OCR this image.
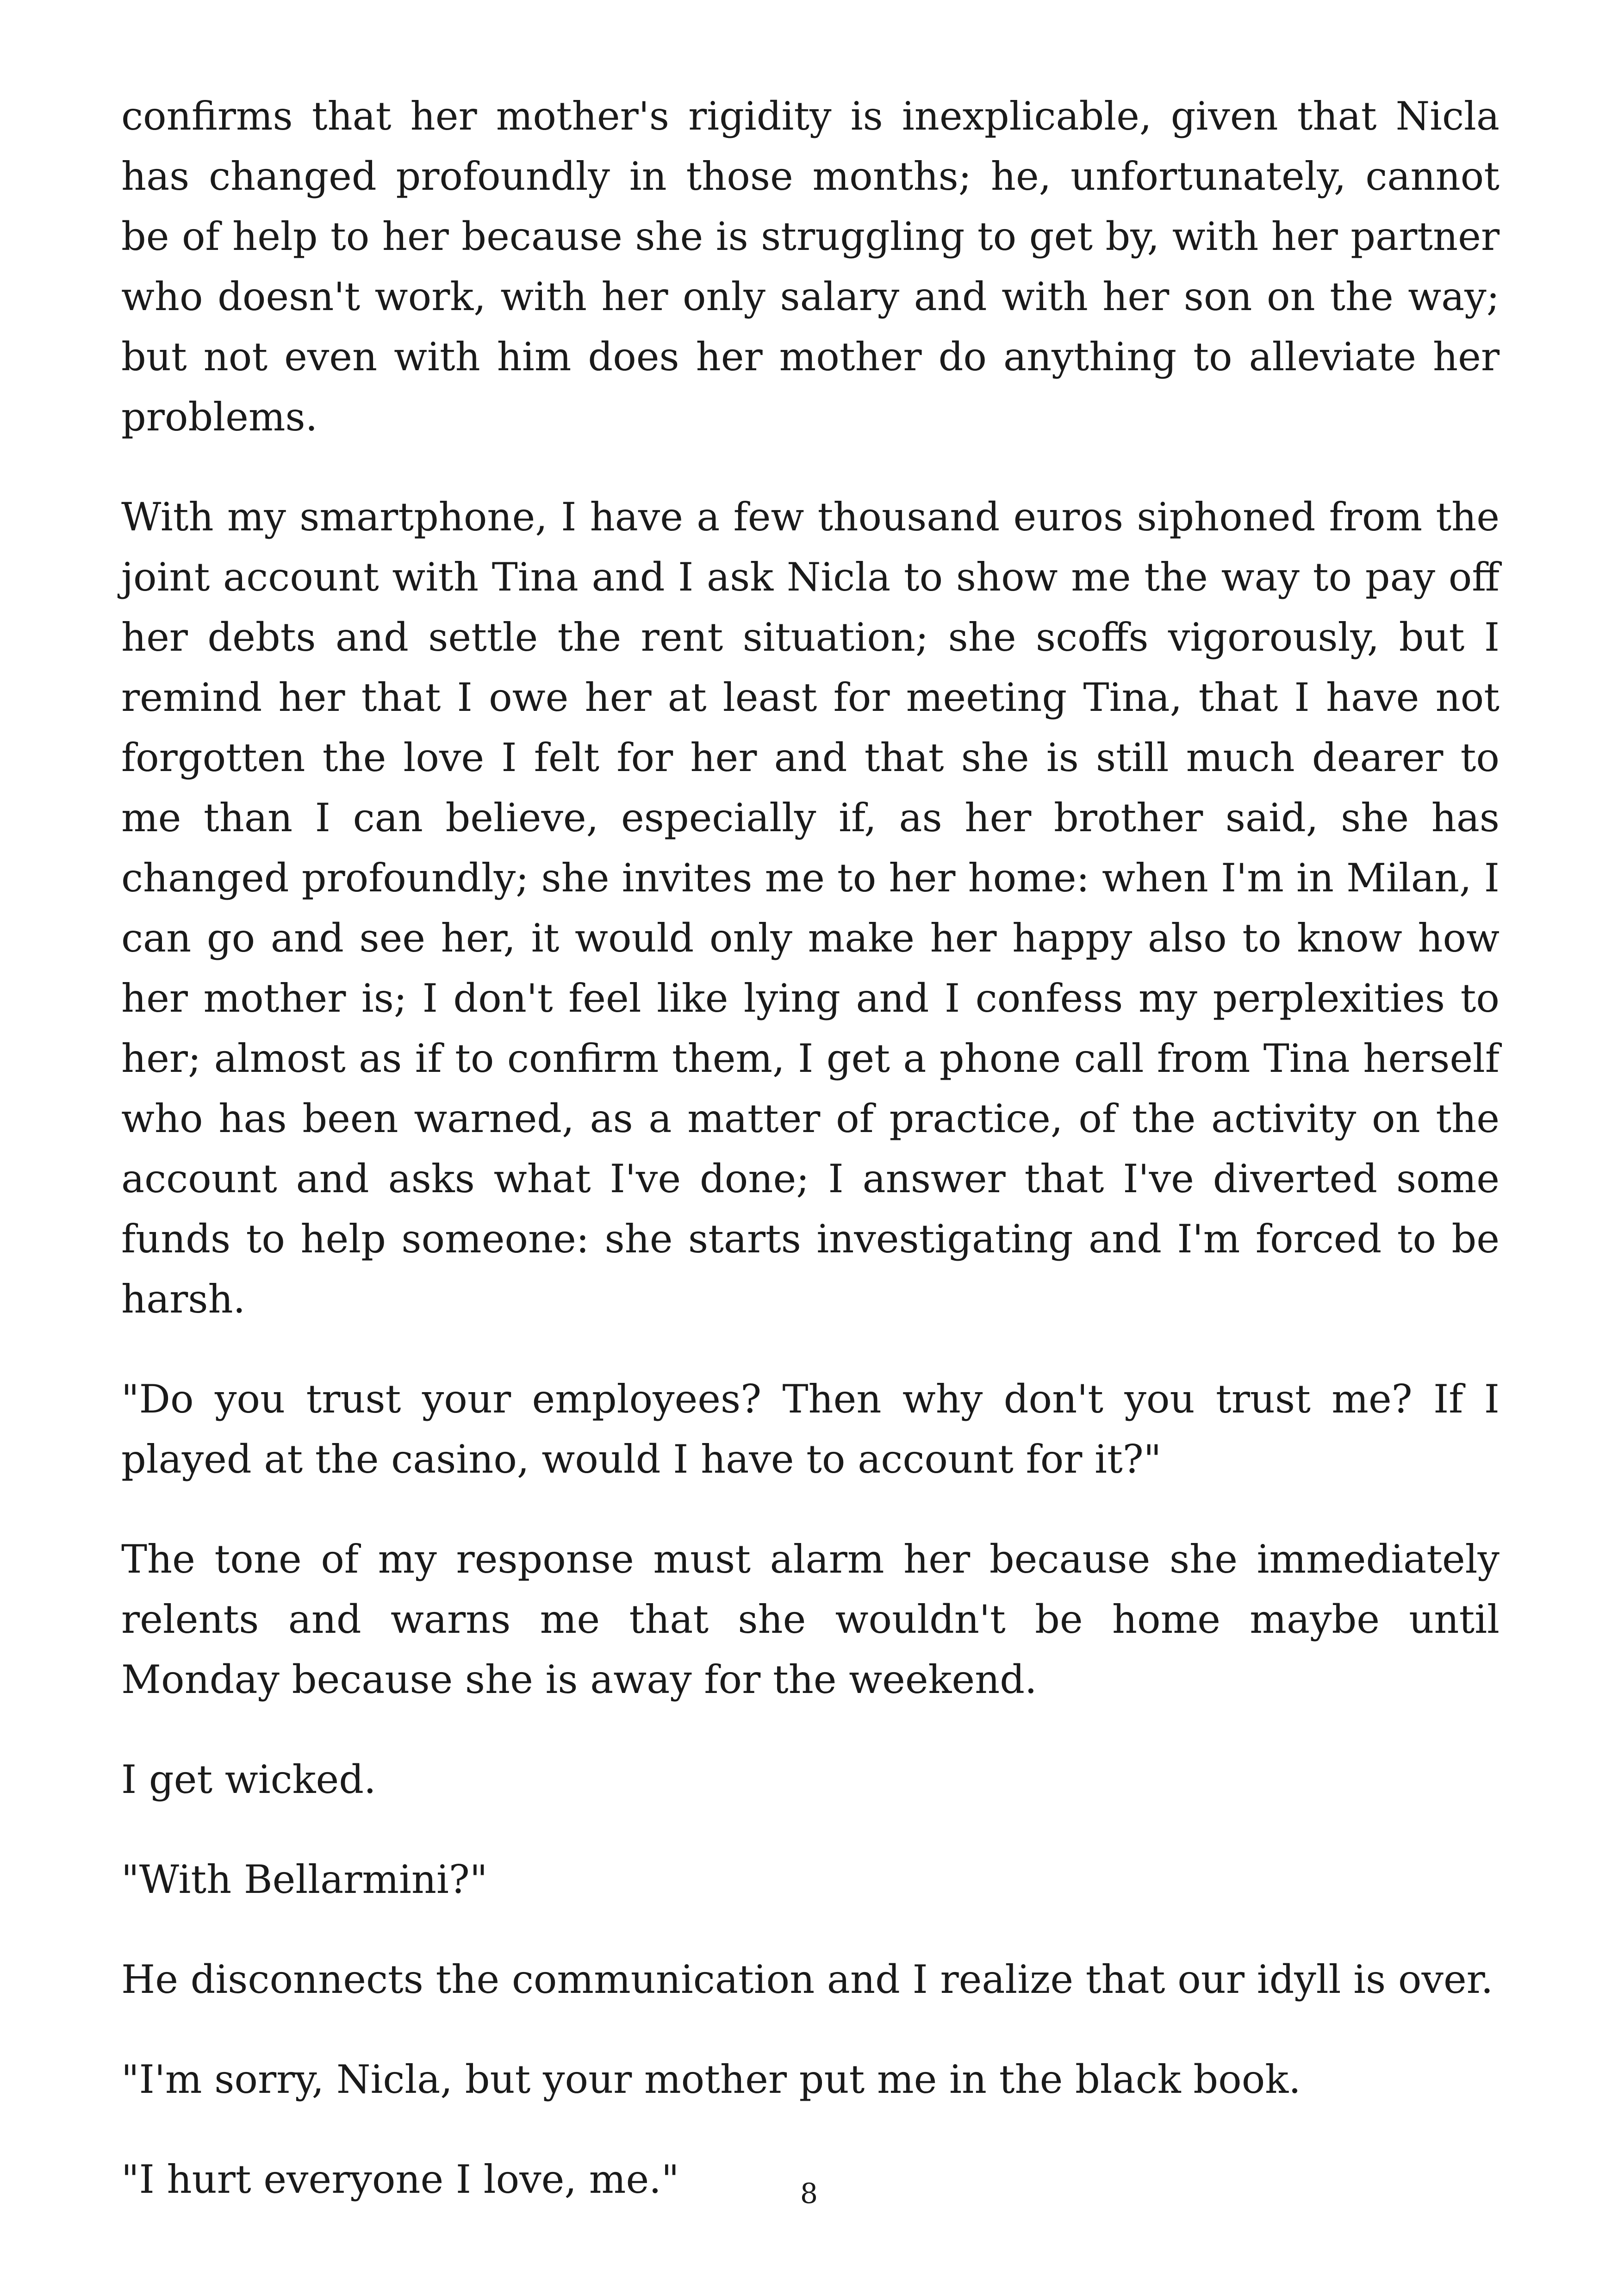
confirms that her mother's rigidity is inexplicable, given that Nicla has changed profoundly in those months; he, unfortunately, cannot be of help to her because she is struggling to get by, with her partner who doesn't work, with her only salary and with her son on the way; but not even with him does her mother do anything to alleviate her problems.

With my smartphone, I have a few thousand euros siphoned from the joint account with Tina and I ask Nicla to show me the way to pay off her debts and settle the rent situation; she scoffs vigorously, but I remind her that I owe her at least for meeting Tina, that I have not forgotten the love I felt for her and that she is still much dearer to me than I can believe, especially if, as her brother said, she has changed profoundly; she invites me to her home: when I'm in Milan, I can go and see her, it would only make her happy also to know how her mother is; I don't feel like lying and I confess my perplexities to her; almost as if to confirm them, I get a phone call from Tina herself who has been warned, as a matter of practice, of the activity on the account and asks what I've done; I answer that I've diverted some funds to help someone: she starts investigating and I'm forced to be harsh.

"Do you trust your employees? Then why don't you trust me? If I played at the casino, would I have to account for it?"

The tone of my response must alarm her because she immediately relents and warns me that she wouldn't be home maybe until Monday because she is away for the weekend.

I get wicked.

"With Bellarmini?"

He disconnects the communication and I realize that our idyll is over.

"I'm sorry, Nicla, but your mother put me in the black book.

"I hurt everyone I love, me."	8
